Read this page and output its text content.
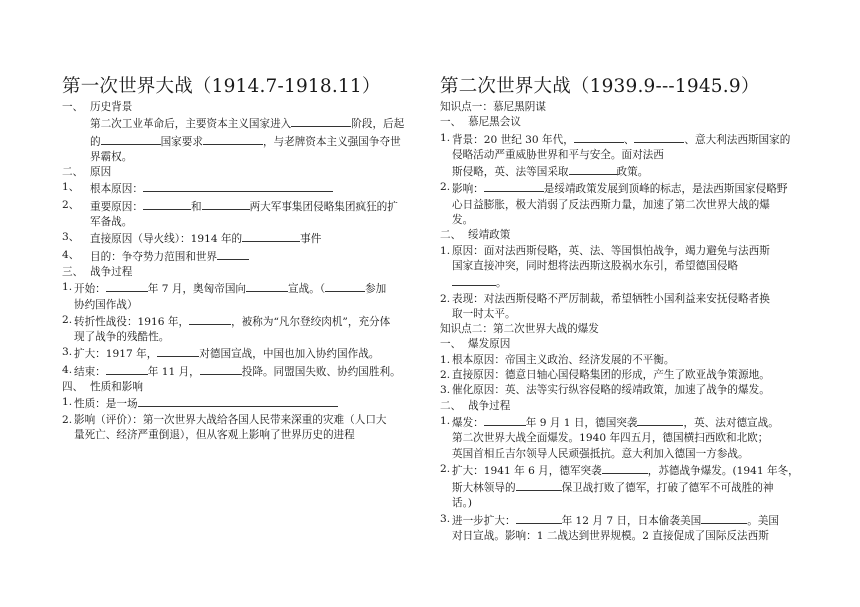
第一次世界大战（1914.7-1918.11）
一、 历史背景
第二次工业革命后，主要资本主义国家进入	阶段，后起
的	国家要求	，与老牌资本主义强国争夺世
界霸权。
二、 原因
1、	根本原因：
2、	重要原因：	和	两大军事集团侵略集团疯狂的扩
军备战。
3、	直接原因（导火线）：1914 年的	事件
4、	目的：争夺势力范围和世界
三、 战争过程
1. 开始：	年 7 月，奥匈帝国向	宣战。（	参加
协约国作战）
2. 转折性战役：1916 年，	，被称为“凡尔登绞肉机”，充分体
现了战争的残酷性。
3. 扩大：1917 年，	对德国宣战，中国也加入协约国作战。
4. 结束：	年 11 月，	投降。同盟国失败、协约国胜利。
四、 性质和影响
1. 性质：是一场
2. 影响（评价）：第一次世界大战给各国人民带来深重的灾难（人口大
量死亡、经济严重倒退），但从客观上影响了世界历史的进程
第二次世界大战（1939.9---1945.9）
知识点一：慕尼黑阴谋
一、 慕尼黑会议
1. 背景：20 世纪 30 年代，	、	、意大利法西斯国家的
侵略活动严重威胁世界和平与安全。面对法西
斯侵略，英、法等国采取	政策。
2. 影响：	是绥靖政策发展到顶峰的标志，是法西斯国家侵略野
心日益膨胀，极大消弱了反法西斯力量，加速了第二次世界大战的爆
发。
二、 绥靖政策
1. 原因：面对法西斯侵略，英、法、等国惧怕战争，竭力避免与法西斯
国家直接冲突，同时想将法西斯这股祸水东引，希望德国侵略
。
2. 表现：对法西斯侵略不严厉制裁，希望牺牲小国利益来安抚侵略者换
取一时太平。
知识点二：第二次世界大战的爆发
一、 爆发原因
1. 根本原因：帝国主义政治、经济发展的不平衡。
2. 直接原因：德意日轴心国侵略集团的形成，产生了欧亚战争策源地。
3. 催化原因：英、法等实行纵容侵略的绥靖政策，加速了战争的爆发。
二、 战争过程
1. 爆发：	年 9 月 1 日，德国突袭	，英、法对德宣战。
第二次世界大战全面爆发。1940 年四五月，德国横扫西欧和北欧；
英国首相丘吉尔领导人民顽强抵抗。意大利加入德国一方参战。
2. 扩大：1941 年 6 月，德军突袭	，苏德战争爆发。(1941 年冬，
斯大林领导的	保卫战打败了德军，打破了德军不可战胜的神
话。)
3. 进一步扩大：	年 12 月 7 日，日本偷袭美国	。美国
对日宣战。影响：1 二战达到世界规模。2 直接促成了国际反法西斯
